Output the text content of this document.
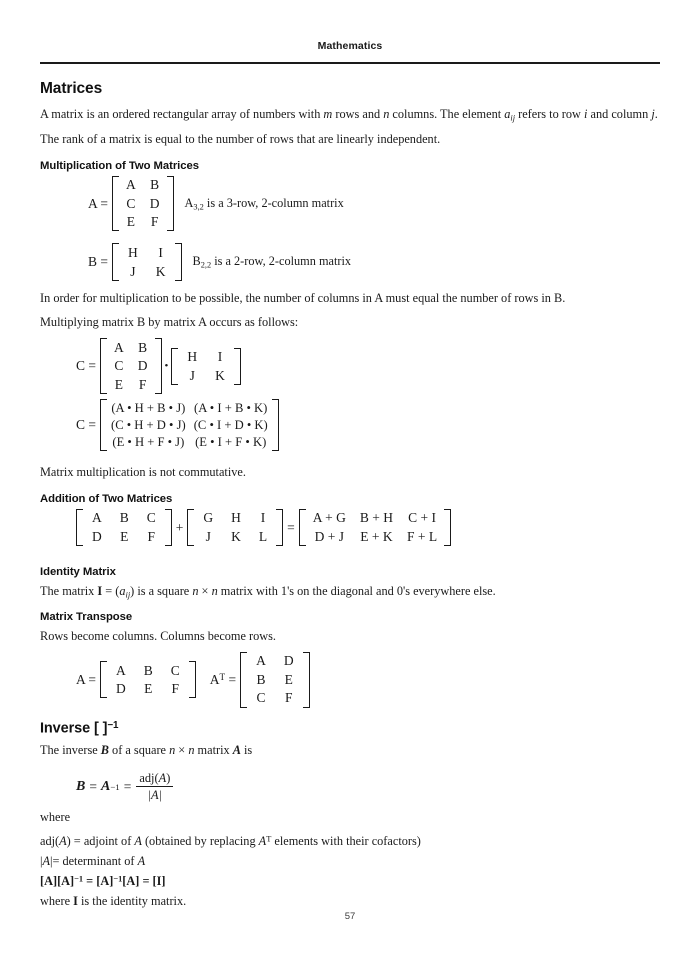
Mathematics
Matrices

A matrix is an ordered rectangular array of numbers with m rows and n columns. The element $a_{ij}$ refers to row i and column j.

The rank of a matrix is equal to the number of rows that are linearly independent.

Multiplication of Two Matrices
A =
A	B
C	D
E	F
$A_{3,2}$ is a 3-row, 2-column matrix
B =
H	I
J	K
$B_{2,2}$ is a 2-row, 2-column matrix

In order for multiplication to be possible, the number of columns in A must equal the number of rows in B.

Multiplying matrix B by matrix A occurs as follows:

C =
A	B
C	D
E	F
•
H	I
J	K
C =
(A • H + B • J)	(A • I + B • K)
(C • H + D • J)	(C • I + D • K)
(E • H + F • J)	(E • I + F • K)

Matrix multiplication is not commutative.

Addition of Two Matrices
A	B	C
D	E	F
+
G	H	I
J	K	L
=
A + G	B + H	C + I
D + J	E + K	F + L
Identity Matrix

The matrix $I = (a_{ij})$ is a square n × n matrix with 1's on the diagonal and 0's everywhere else.

Matrix Transpose

Rows become columns. Columns become rows.

A =
A	B	C
D	E	F
$A^T$ =
A	D
B	E
C	F
Inverse [ ]$^{-1}$

The inverse B of a square n × n matrix A is

$B = A -1 = \frac{\text{adj(A)}}{|A|}$

where

adj(A) = adjoint of A (obtained by replacing $A^T$ elements with their cofactors)
|A|= determinant of A
$[A][A]^{-1} = [A]^{-1}[A] = [I]$

where I is the identity matrix.

57
